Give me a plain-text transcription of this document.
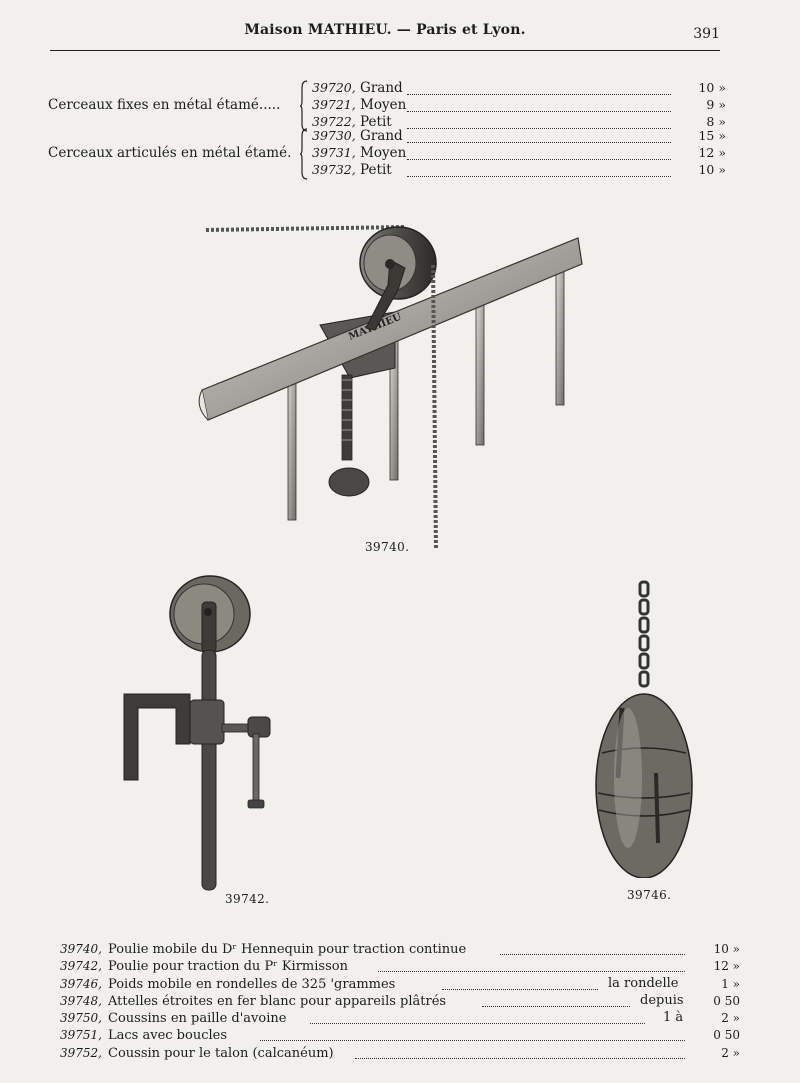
Maison MATHIEU. — Paris et Lyon.	391
Cerceaux fixes en métal étamé.....
39720, Grand	10 »
39721, Moyen	9 »
39722, Petit	8 »
Cerceaux articulés en métal étamé.
39730, Grand	15 »
39731, Moyen	12 »
39732, Petit	10 »
39740.
39742.	39746.
39740, Poulie mobile du Dʳ Hennequin pour traction continue	10 »
39742, Poulie pour traction du Pʳ Kirmisson	12 »
39746, Poids mobile en rondelles de 325 'grammes	la rondelle	1 »
39748, Attelles étroites en fer blanc pour appareils plâtrés	depuis	0 50
39750, Coussins en paille d'avoine	1 à	2 »
39751, Lacs avec boucles	0 50
39752, Coussin pour le talon (calcanéum)	2 »
